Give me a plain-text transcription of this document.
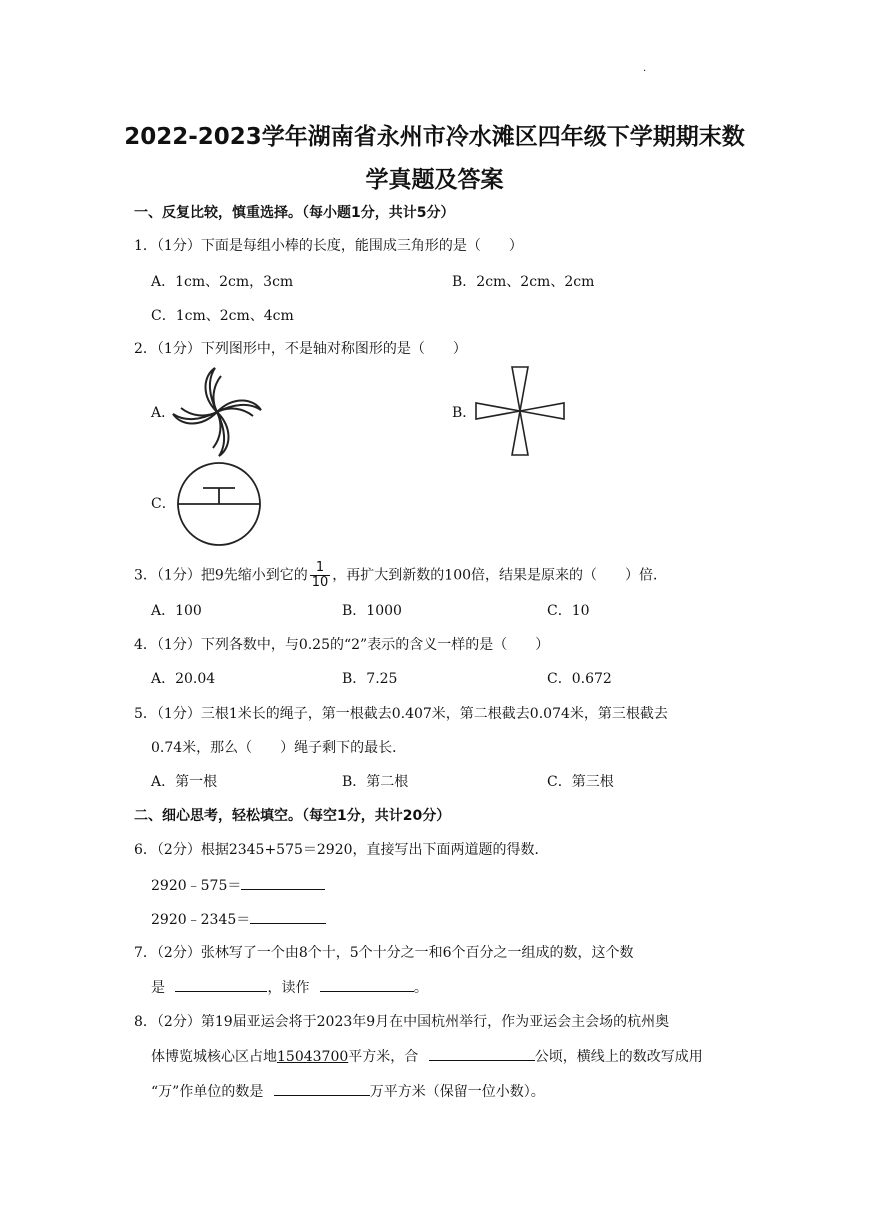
·
2022-2023学年湖南省永州市冷水滩区四年级下学期期末数
学真题及答案
一、反复比较，慎重选择。（每小题1分，共计5分）
1．（1分）下面是每组小棒的长度，能围成三角形的是（　　）
A．1cm、2cm，3cm	B．2cm、2cm、2cm
C．1cm、2cm、4cm
2．（1分）下列图形中，不是轴对称图形的是（　　）
A．	B．
C．
3．（1分）把9先缩小到它的 $\frac{1}{10}$ ，再扩大到新数的100倍，结果是原来的（　　）倍．
A．100	B．1000	C．10
4．（1分）下列各数中，与0.25的“2”表示的含义一样的是（　　）
A．20.04	B．7.25	C．0.672
5．（1分）三根1米长的绳子，第一根截去0.407米，第二根截去0.074米，第三根截去
0.74米，那么（　　）绳子剩下的最长．
A．第一根	B．第二根	C．第三根
二、细心思考，轻松填空。（每空1分，共计20分）
6．（2分）根据2345+575＝2920，直接写出下面两道题的得数．
2920﹣575＝
2920﹣2345＝
7．（2分）张林写了一个由8个十，5个十分之一和6个百分之一组成的数，这个数
是	，读作	。
8．（2分）第19届亚运会将于2023年9月在中国杭州举行，作为亚运会主会场的杭州奥
体博览城核心区占地15043700平方米，合	公顷，横线上的数改写成用
“万”作单位的数是	万平方米（保留一位小数）。
